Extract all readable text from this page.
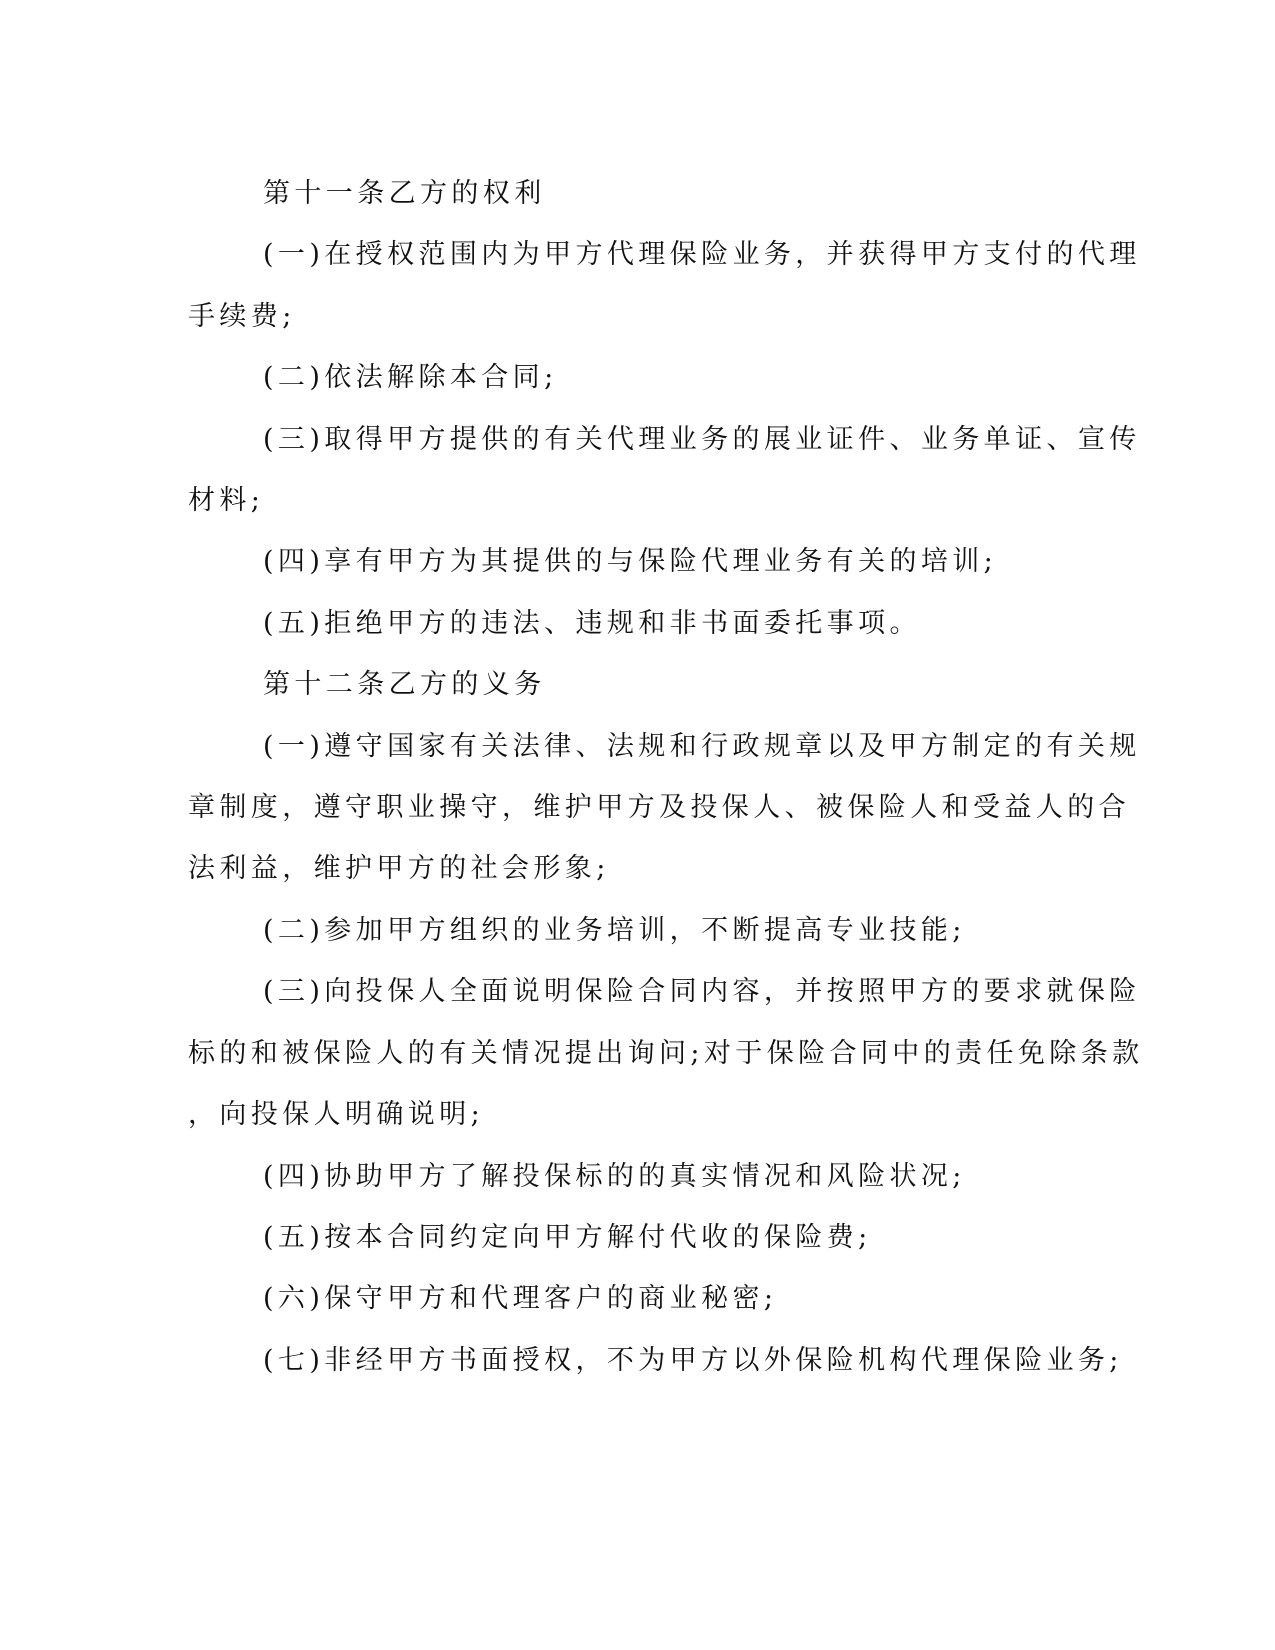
第十一条乙方的权利

(一)在授权范围内为甲方代理保险业务，并获得甲方支付的代理
手续费;

(二)依法解除本合同;

(三)取得甲方提供的有关代理业务的展业证件、业务单证、宣传
材料;

(四)享有甲方为其提供的与保险代理业务有关的培训;

(五)拒绝甲方的违法、违规和非书面委托事项。

第十二条乙方的义务

(一)遵守国家有关法律、法规和行政规章以及甲方制定的有关规
章制度，遵守职业操守，维护甲方及投保人、被保险人和受益人的合
法利益，维护甲方的社会形象;

(二)参加甲方组织的业务培训，不断提高专业技能;

(三)向投保人全面说明保险合同内容，并按照甲方的要求就保险
标的和被保险人的有关情况提出询问;对于保险合同中的责任免除条款
，向投保人明确说明;

(四)协助甲方了解投保标的的真实情况和风险状况;

(五)按本合同约定向甲方解付代收的保险费;

(六)保守甲方和代理客户的商业秘密;

(七)非经甲方书面授权，不为甲方以外保险机构代理保险业务;
